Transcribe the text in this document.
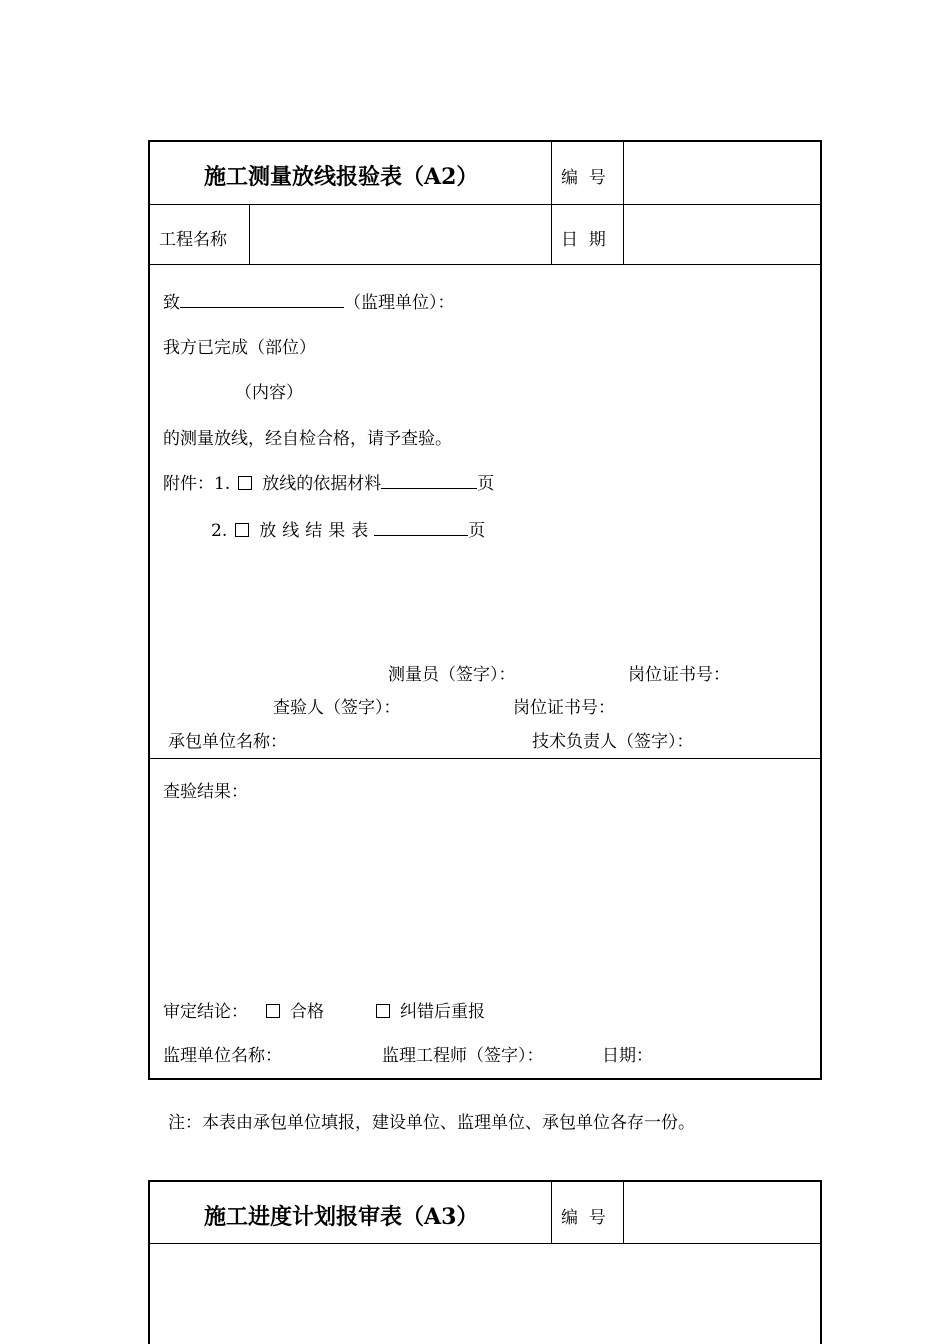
施工测量放线报验表（A2）	编  号
工程名称	日  期
致	（监理单位）：
我方已完成（部位）
（内容）
的测量放线，经自检合格，请予查验。
附件：1. 放线的依据材料	页
2. 放线结果表	页
测量员（签字）：	岗位证书号：
查验人（签字）：	岗位证书号：
承包单位名称：	技术负责人（签字）：
查验结果：
审定结论： 合格	纠错后重报
监理单位名称：	监理工程师（签字）：	日期：
注：本表由承包单位填报，建设单位、监理单位、承包单位各存一份。
施工进度计划报审表（A3）	编  号
